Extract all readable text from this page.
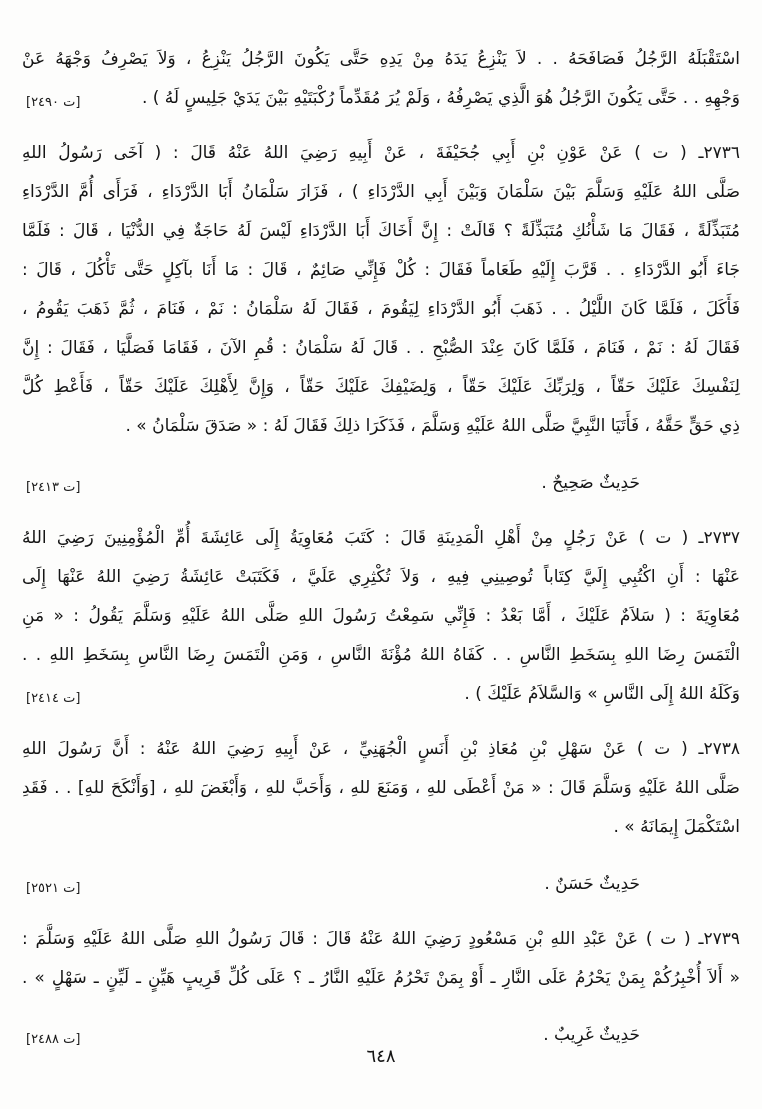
اسْتَقْبَلَهُ الرَّجُلُ فَصَافَحَهُ . . لاَ يَنْزِعُ يَدَهُ مِنْ يَدِهِ حَتَّى يَكُونَ الرَّجُلُ يَنْزِعُ ، وَلاَ يَصْرِفُ وَجْهَهُ عَنْ
وَجْهِهِ . . حَتَّى يَكُونَ الرَّجُلُ هُوَ الَّذِي يَصْرِفُهُ ، وَلَمْ يُرَ مُقَدِّماً رُكْبَتَيْهِ بَيْنَ يَدَيْ جَلِيسٍ لَهُ ) .
[ت ٢٤٩٠]
٢٧٣٦ـ ( ت ) عَنْ عَوْنِ بْنِ أَبِي جُحَيْفَةَ ، عَنْ أَبِيهِ رَضِيَ اللهُ عَنْهُ قَالَ : ( آخَى رَسُولُ اللهِ
صَلَّى اللهُ عَلَيْهِ وَسَلَّمَ بَيْنَ سَلْمَانَ وَبَيْنَ أَبِي الدَّرْدَاءِ ) ، فَزَارَ سَلْمَانُ أَبَا الدَّرْدَاءِ ، فَرَأَى أُمَّ الدَّرْدَاءِ
مُتَبَذِّلَةً ، فَقَالَ مَا شَأْنُكِ مُتَبَذِّلَةً ؟ قَالَتْ : إِنَّ أَخَاكَ أَبَا الدَّرْدَاءِ لَيْسَ لَهُ حَاجَةٌ فِي الدُّنْيَا ، قَالَ : فَلَمَّا
جَاءَ أَبُو الدَّرْدَاءِ . . قَرَّبَ إِلَيْهِ طَعَاماً فَقَالَ : كُلْ فَإِنِّي صَائِمٌ ، قَالَ : مَا أَنَا بآكِلٍ حَتَّى تَأْكُلَ ، قَالَ :
فَأَكَلَ ، فَلَمَّا كَانَ اللَّيْلُ . . ذَهَبَ أَبُو الدَّرْدَاءِ لِيَقُومَ ، فَقَالَ لَهُ سَلْمَانُ : نَمْ ، فَنَامَ ، ثُمَّ ذَهَبَ يَقُومُ ،
فَقَالَ لَهُ : نَمْ ، فَنَامَ ، فَلَمَّا كَانَ عِنْدَ الصُّبْحِ . . قَالَ لَهُ سَلْمَانُ : قُمِ الآنَ ، فَقَامَا فَصَلَّيَا ، فَقَالَ : إِنَّ
لِنَفْسِكَ عَلَيْكَ حَقّاً ، وَلِرَبِّكَ عَلَيْكَ حَقّاً ، وَلِضَيْفِكَ عَلَيْكَ حَقّاً ، وَإِنَّ لِأَهْلِكَ عَلَيْكَ حَقّاً ، فَأَعْطِ كُلَّ
ذِي حَقٍّ حَقَّهُ ، فَأَتَيَا النَّبِيَّ صَلَّى اللهُ عَلَيْهِ وَسَلَّمَ ، فَذَكَرَا ذلِكَ فَقَالَ لَهُ : « صَدَقَ سَلْمَانُ » .
حَدِيثٌ صَحِيحٌ .
[ت ٢٤١٣]
٢٧٣٧ـ ( ت ) عَنْ رَجُلٍ مِنْ أَهْلِ الْمَدِينَةِ قَالَ : كَتَبَ مُعَاوِيَةُ إِلَى عَائِشَةَ أُمِّ الْمُؤْمِنِينَ رَضِيَ اللهُ
عَنْهَا : أَنِ اكْتُبِي إِلَيَّ كِتَاباً تُوصِينِي فِيهِ ، وَلاَ تُكْثِرِي عَلَيَّ ، فَكَتَبَتْ عَائِشَةُ رَضِيَ اللهُ عَنْهَا إِلَى
مُعَاوِيَةَ : ( سَلاَمٌ عَلَيْكَ ، أَمَّا بَعْدُ : فَإِنِّي سَمِعْتُ رَسُولَ اللهِ صَلَّى اللهُ عَلَيْهِ وَسَلَّمَ يَقُولُ : « مَنِ
الْتَمَسَ رِضَا اللهِ بِسَخَطِ النَّاسِ . . كَفَاهُ اللهُ مُؤْنَةَ النَّاسِ ، وَمَنِ الْتَمَسَ رِضَا النَّاسِ بِسَخَطِ اللهِ . .
وَكَلَهُ اللهُ إِلَى النَّاسِ » وَالسَّلاَمُ عَلَيْكَ ) .
[ت ٢٤١٤]
٢٧٣٨ـ ( ت ) عَنْ سَهْلِ بْنِ مُعَاذِ بْنِ أَنَسٍ الْجُهَنِيِّ ، عَنْ أَبِيهِ رَضِيَ اللهُ عَنْهُ : أَنَّ رَسُولَ اللهِ
صَلَّى اللهُ عَلَيْهِ وَسَلَّمَ قَالَ : « مَنْ أَعْطَى للهِ ، وَمَنَعَ للهِ ، وَأَحَبَّ للهِ ، وَأَبْغَضَ للهِ ، [وَأَنْكَحَ للهِ] . . فَقَدِ
اسْتَكْمَلَ إِيمَانَهُ » .
حَدِيثٌ حَسَنٌ .
[ت ٢٥٢١]
٢٧٣٩ـ ( ت ) عَنْ عَبْدِ اللهِ بْنِ مَسْعُودٍ رَضِيَ اللهُ عَنْهُ قَالَ : قَالَ رَسُولُ اللهِ صَلَّى اللهُ عَلَيْهِ وَسَلَّمَ :
« أَلاَ أُخْبِرُكُمْ بِمَنْ يَحْرُمُ عَلَى النَّارِ ـ أَوْ بِمَنْ تَحْرُمُ عَلَيْهِ النَّارُ ـ ؟ عَلَى كُلِّ قَرِيبٍ هَيِّنٍ ـ لَيِّنٍ ـ سَهْلٍ » .
حَدِيثٌ غَرِيبٌ .
[ت ٢٤٨٨]
٦٤٨
